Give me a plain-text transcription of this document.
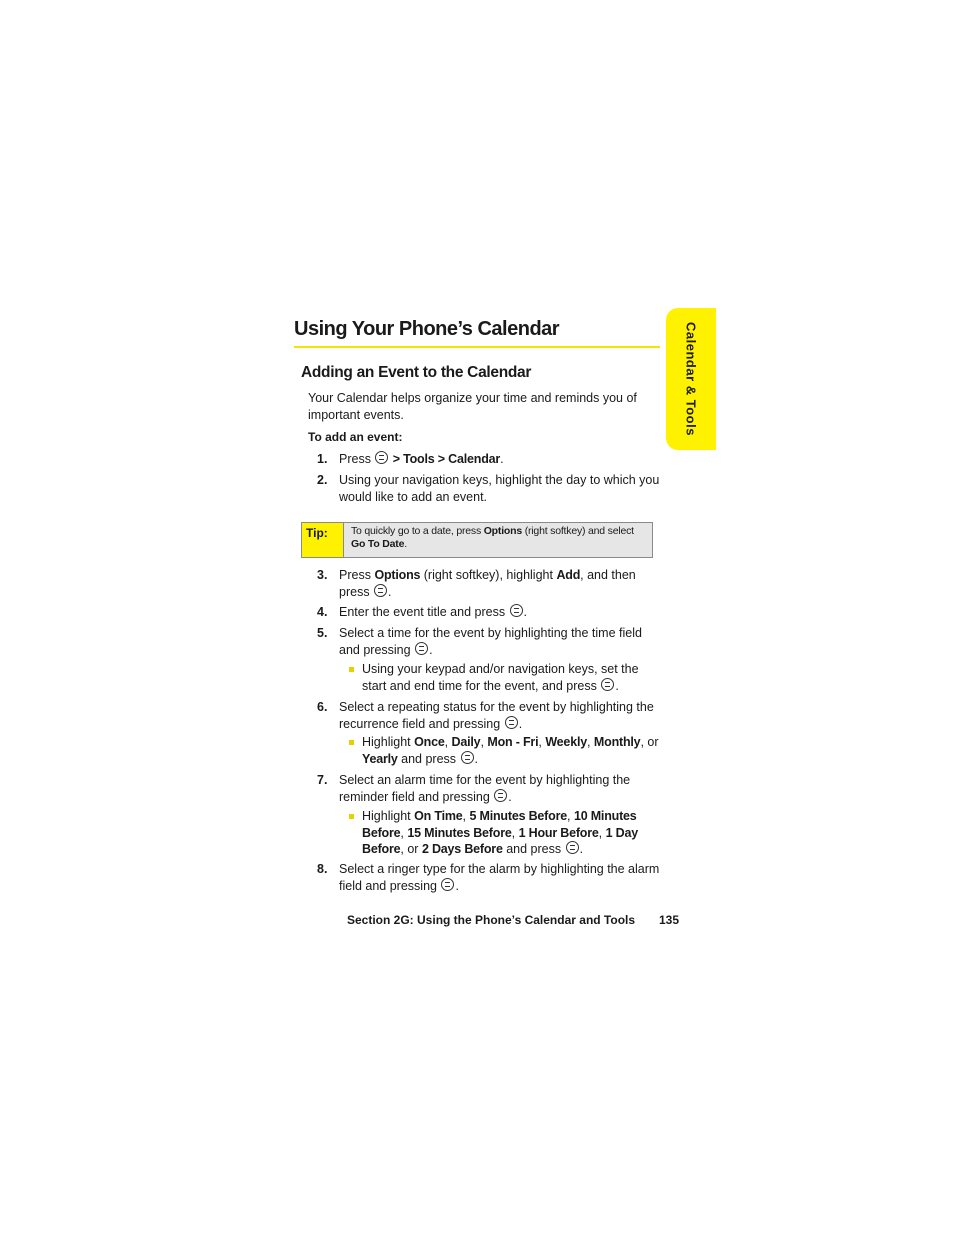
Using Your Phone’s Calendar	Calendar & Tools
Adding an Event to the Calendar
Your Calendar helps organize your time and reminds you of important events.
To add an event:
1. Press  > Tools > Calendar.
2. Using your navigation keys, highlight the day to which you would like to add an event.
Tip:	To quickly go to a date, press Options (right softkey) and select Go To Date.
3. Press Options (right softkey), highlight Add, and then press .
4. Enter the event title and press .
5. Select a time for the event by highlighting the time field and pressing .
Using your keypad and/or navigation keys, set the start and end time for the event, and press .
6. Select a repeating status for the event by highlighting the recurrence field and pressing .
Highlight Once, Daily, Mon - Fri, Weekly, Monthly, or Yearly and press .
7. Select an alarm time for the event by highlighting the reminder field and pressing .
Highlight On Time, 5 Minutes Before, 10 Minutes Before, 15 Minutes Before, 1 Hour Before, 1 Day Before, or 2 Days Before and press .
8. Select a ringer type for the alarm by highlighting the alarm field and pressing .
Section 2G: Using the Phone’s Calendar and Tools 135
